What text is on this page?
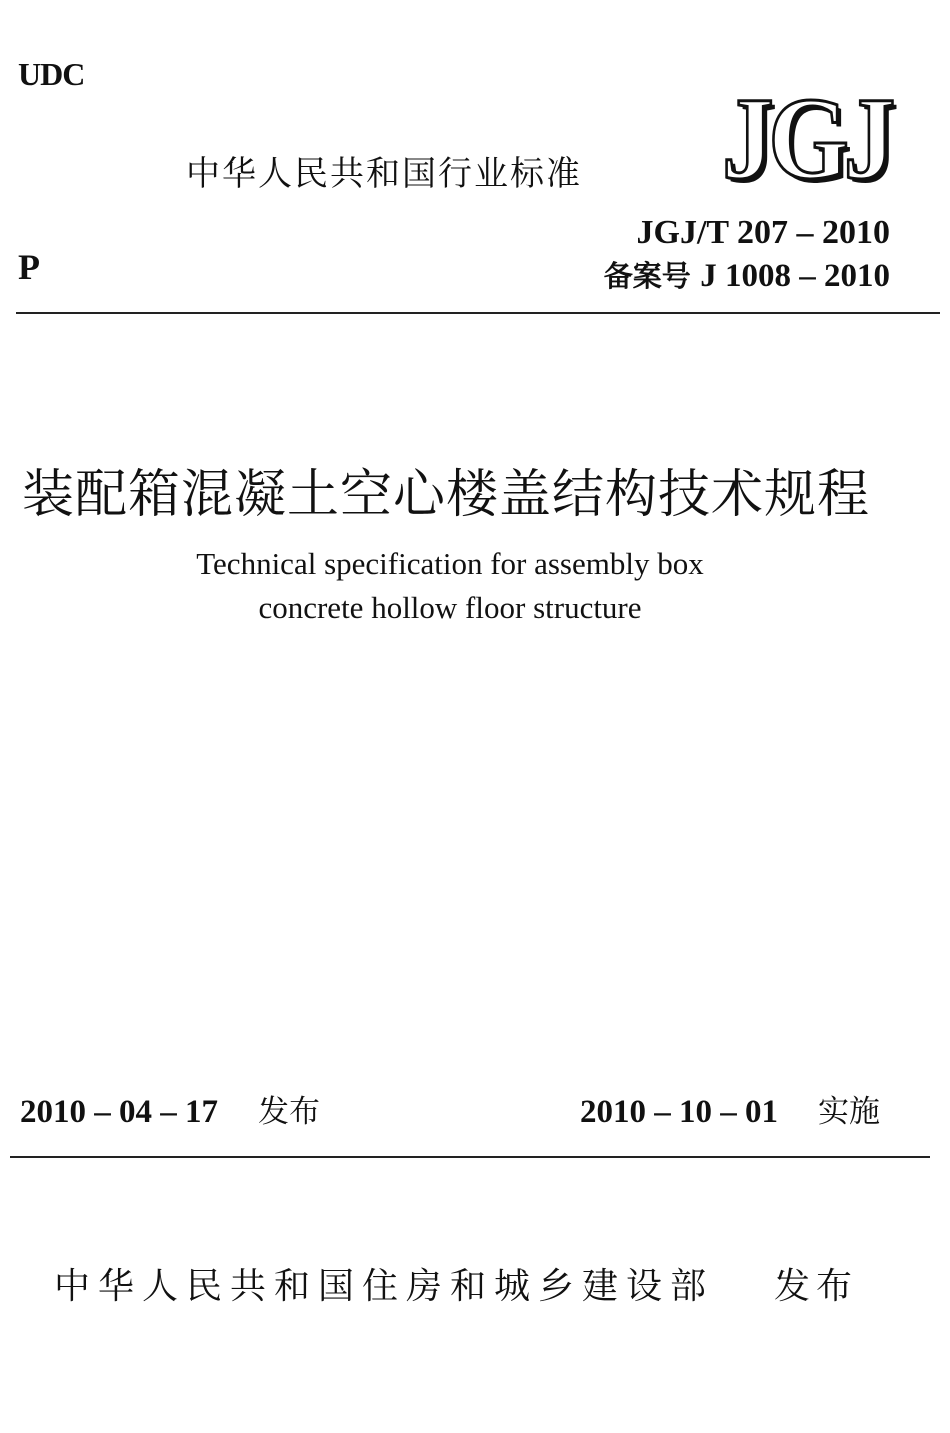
UDC
中华人民共和国行业标准 JGJ
JGJ
JGJ/T 207 – 2010
备案号 J 1008 – 2010
P
装配箱混凝土空心楼盖结构技术规程
Technical specification for assembly box
concrete hollow floor structure
2010 – 04 – 17 发布	2010 – 10 – 01 实施
中华人民共和国住房和城乡建设部 发布
